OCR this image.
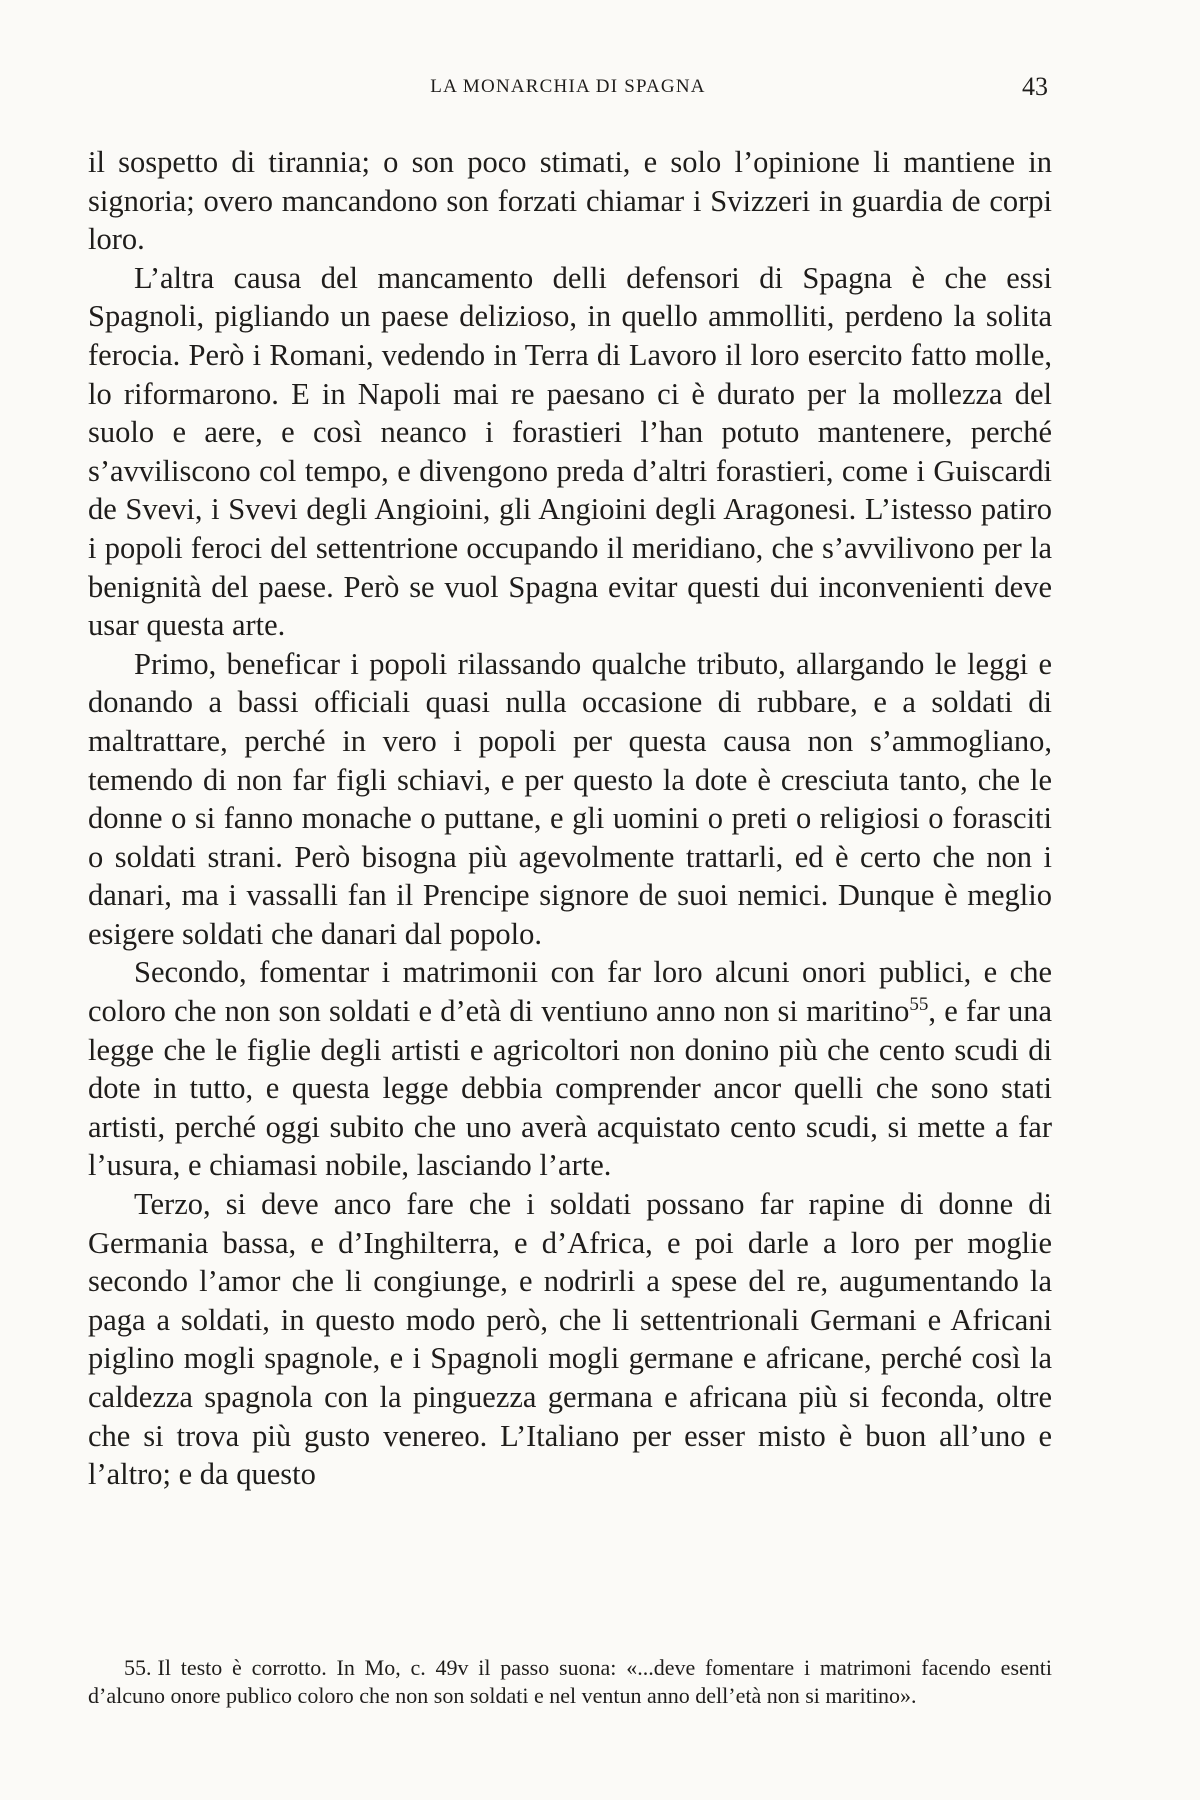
LA MONARCHIA DI SPAGNA	43

il sospetto di tirannia; o son poco stimati, e solo l’opinione li mantiene in signoria; overo mancandono son forzati chiamar i Svizzeri in guardia de corpi loro.

L’altra causa del mancamento delli defensori di Spagna è che essi Spagnoli, pigliando un paese delizioso, in quello ammolliti, perdeno la solita ferocia. Però i Romani, vedendo in Terra di Lavoro il loro esercito fatto molle, lo riformarono. E in Napoli mai re paesano ci è durato per la mollezza del suolo e aere, e così neanco i forastieri l’han potuto mantenere, perché s’avviliscono col tempo, e divengono preda d’altri forastieri, come i Guiscardi de Svevi, i Svevi degli Angioini, gli Angioini degli Aragonesi. L’istesso patiro i popoli feroci del settentrione occupando il meridiano, che s’avvilivono per la benignità del paese. Però se vuol Spagna evitar questi dui inconvenienti deve usar questa arte.

Primo, beneficar i popoli rilassando qualche tributo, allargando le leggi e donando a bassi officiali quasi nulla occasione di rubbare, e a soldati di maltrattare, perché in vero i popoli per questa causa non s’ammogliano, temendo di non far figli schiavi, e per questo la dote è cresciuta tanto, che le donne o si fanno monache o puttane, e gli uomini o preti o religiosi o forasciti o soldati strani. Però bisogna più agevolmente trattarli, ed è certo che non i danari, ma i vassalli fan il Prencipe signore de suoi nemici. Dunque è meglio esigere soldati che danari dal popolo.

Secondo, fomentar i matrimonii con far loro alcuni onori publici, e che coloro che non son soldati e d’età di ventiuno anno non si maritino$^{55}$, e far una legge che le figlie degli artisti e agricoltori non donino più che cento scudi di dote in tutto, e questa legge debbia comprender ancor quelli che sono stati artisti, perché oggi subito che uno averà acquistato cento scudi, si mette a far l’usura, e chiamasi nobile, lasciando l’arte.

Terzo, si deve anco fare che i soldati possano far rapine di donne di Germania bassa, e d’Inghilterra, e d’Africa, e poi darle a loro per moglie secondo l’amor che li congiunge, e nodrirli a spese del re, augumentando la paga a soldati, in questo modo però, che li settentrionali Germani e Africani piglino mogli spagnole, e i Spagnoli mogli germane e africane, perché così la caldezza spagnola con la pinguezza germana e africana più si feconda, oltre che si trova più gusto venereo. L’Italiano per esser misto è buon all’uno e l’altro; e da questo

55. Il testo è corrotto. In Mo, c. 49v il passo suona: «...deve fomentare i matrimoni facendo esenti d’alcuno onore publico coloro che non son soldati e nel ventun anno dell’età non si maritino».
